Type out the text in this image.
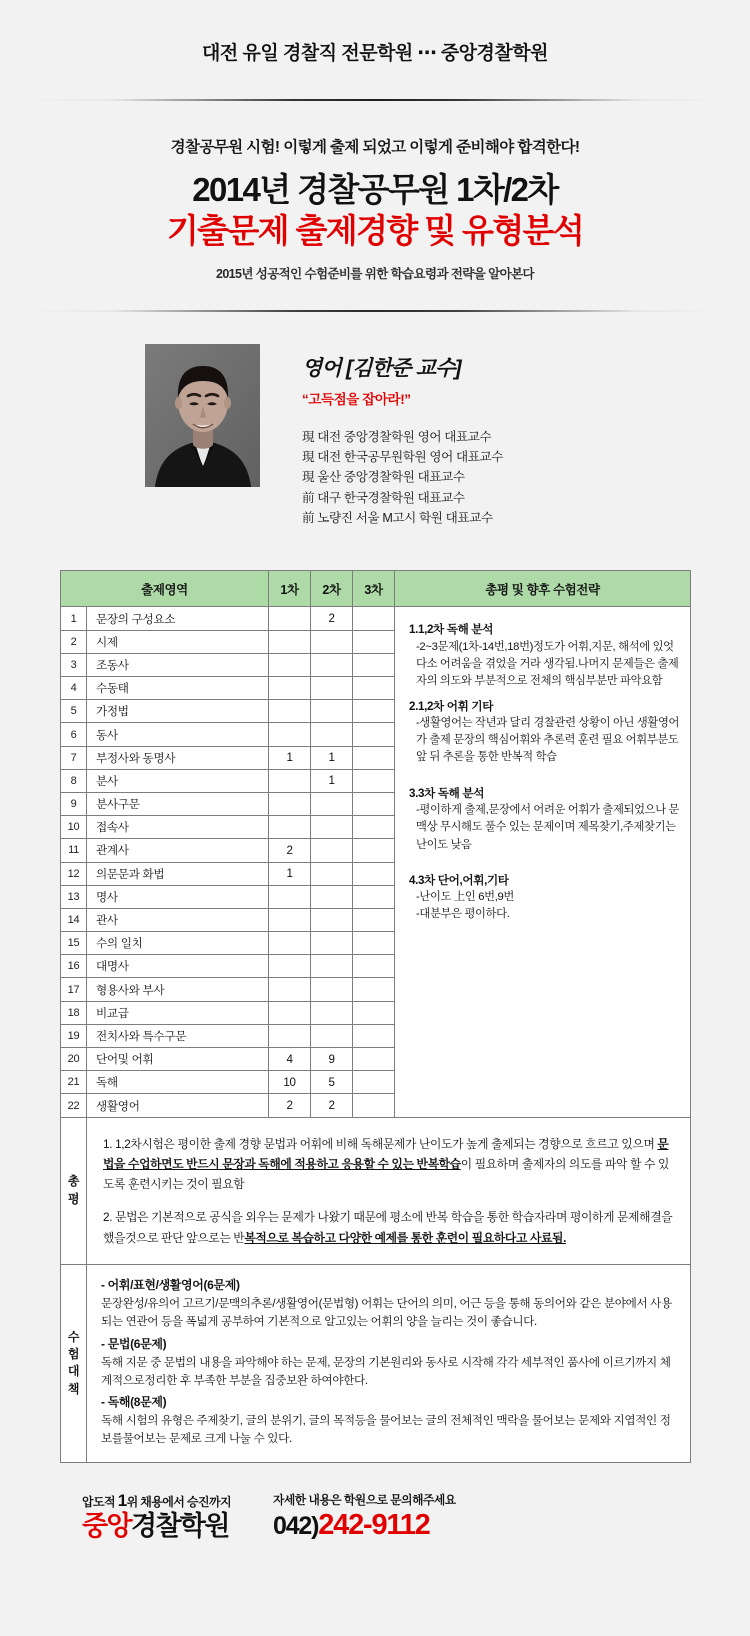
대전 유일 경찰직 전문학원 ⋯ 중앙경찰학원
경찰공무원 시험! 이렇게 출제 되었고 이렇게 준비해야 합격한다!
2014년 경찰공무원 1차/2차
기출문제 출제경향 및 유형분석
2015년 성공적인 수험준비를 위한 학습요령과 전략을 알아본다
영어 [김한준 교수]
“고득점을 잡아라!”
現 대전 중앙경찰학원 영어 대표교수
現 대전 한국공무원학원 영어 대표교수
現 울산 중앙경찰학원 대표교수
前 대구 한국경찰학원 대표교수
前 노량진 서울 M고시 학원 대표교수
출제영역		1차	2차	3차	총평 및 향후 수험전략
1	문장의 구성요소		2		
1.1,2차 독해 분석
-2~3문제(1차-14번,18번)정도가 어휘,지문, 해석에 있엇 다소 어려움을 겪었을 거라 생각됨.나머지 문제들은 출제자의 의도와 부분적으로 전체의 핵심부분만 파악요함
2.1,2차 어휘 기타
-생활영어는 작년과 달리 경찰관련 상황이 아닌 생활영어가 출제 문장의 핵심어휘와 추론력 훈련 필요 어휘부분도 앞 뒤 추론을 통한 반복적 학습
3.3차 독해 분석
-평이하게 출제,문장에서 어려운 어휘가 출제되었으나 문맥상 무시해도 풀수 있는 문제이며 제목찾기,주제찾기는 난이도 낮음
4.3차 단어,어휘,기타
-난이도 上인 6번,9번
-대분부은 평이하다.

2	시제				
3	조동사				
4	수동태				
5	가정법				
6	동사				
7	부정사와 동명사	1	1		
8	분사		1		
9	분사구문				
10	접속사				
11	관계사	2			
12	의문문과 화법	1			
13	명사				
14	관사				
15	수의 일치				
16	대명사				
17	형용사와 부사				
18	비교급				
19	전치사와 특수구문				
20	단어및 어휘	4	9		
21	독해	10	5		
22	생활영어	2	2		

총
평

1. 1,2차시험은 평이한 출제 경향 문법과 어휘에 비해 독해문제가 난이도가 높게 출제되는 경향으로 흐르고 있으며 문법을 수업하면도 반드시 문장과 독해에 적용하고 응용할 수 있는 반복학습이 필요하며 출제자의 의도를 파악 할 수 있도록 훈련시키는 것이 필요함

2. 문법은 기본적으로 공식을 외우는 문제가 나왔기 때문에 평소에 반복 학습을 통한 학습자라며 평이하게 문제해결을 했을것으로 판단 앞으로는 반복적으로 복습하고 다양한 예제를 통한 훈련이 필요하다고 사료됨.

수
험
대
책

- 어휘/표현/생활영어(6문제)
문장완성/유의어 고르기/문맥의추론/생활영어(문법형) 어휘는 단어의 의미, 어근 등을 통해 동의어와 같은 분야에서 사용되는 연관어 등을 폭넓게 공부하여 기본적으로 알고있는 어휘의 양을 늘리는 것이 좋습니다.
- 문법(6문제)
독해 지문 중 문법의 내용을 파악해야 하는 문제, 문장의 기본원리와 동사로 시작해 각각 세부적인 품사에 이르기까지 체계적으로정리한 후 부족한 부분을 집중보완 하여야한다.
- 독해(8문제)
독해 시험의 유형은 주제찾기, 글의 분위기, 글의 목적등을 물어보는 글의 전체적인 맥락을 물어보는 문제와 지엽적인 정보를물어보는 문제로 크게 나눌 수 있다.
압도적 1위 채용에서 승진까지
중앙경찰학원
자세한 내용은 학원으로 문의해주세요
042)242-9112
